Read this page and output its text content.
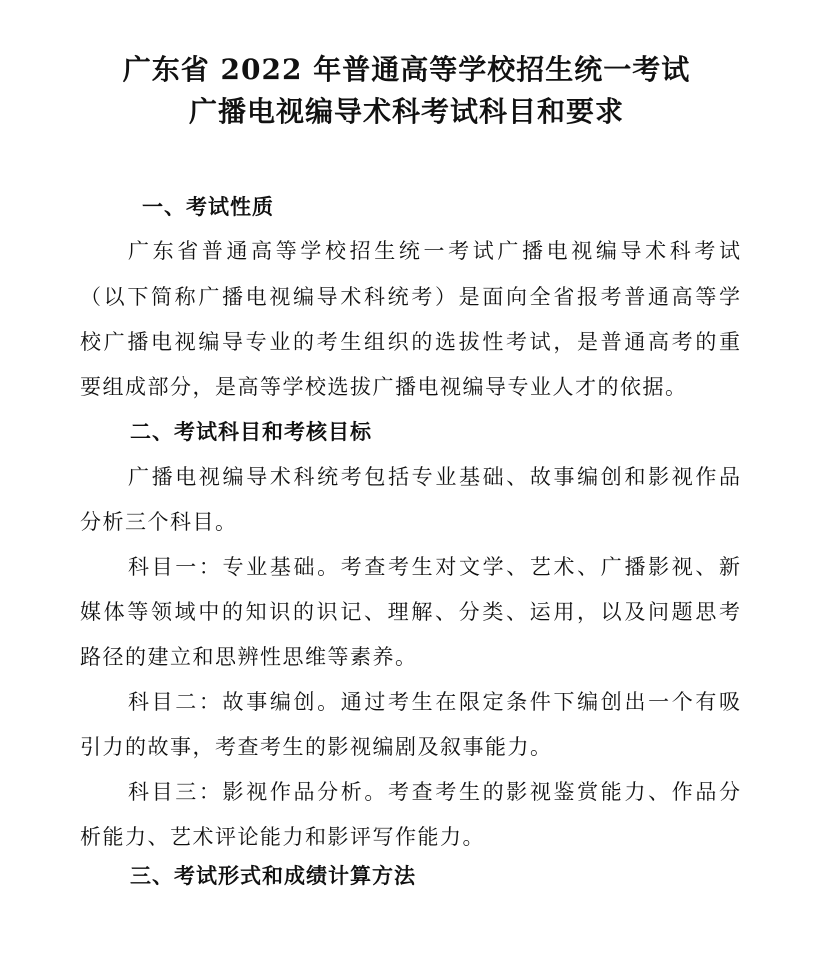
广东省 2022 年普通高等学校招生统一考试
广播电视编导术科考试科目和要求
一、考试性质
广东省普通高等学校招生统一考试广播电视编导术科考试
（以下简称广播电视编导术科统考）是面向全省报考普通高等学
校广播电视编导专业的考生组织的选拔性考试，是普通高考的重
要组成部分，是高等学校选拔广播电视编导专业人才的依据。
二、考试科目和考核目标
广播电视编导术科统考包括专业基础、故事编创和影视作品
分析三个科目。
科目一：专业基础。考查考生对文学、艺术、广播影视、新
媒体等领域中的知识的识记、理解、分类、运用，以及问题思考
路径的建立和思辨性思维等素养。
科目二：故事编创。通过考生在限定条件下编创出一个有吸
引力的故事，考查考生的影视编剧及叙事能力。
科目三：影视作品分析。考查考生的影视鉴赏能力、作品分
析能力、艺术评论能力和影评写作能力。
三、考试形式和成绩计算方法
